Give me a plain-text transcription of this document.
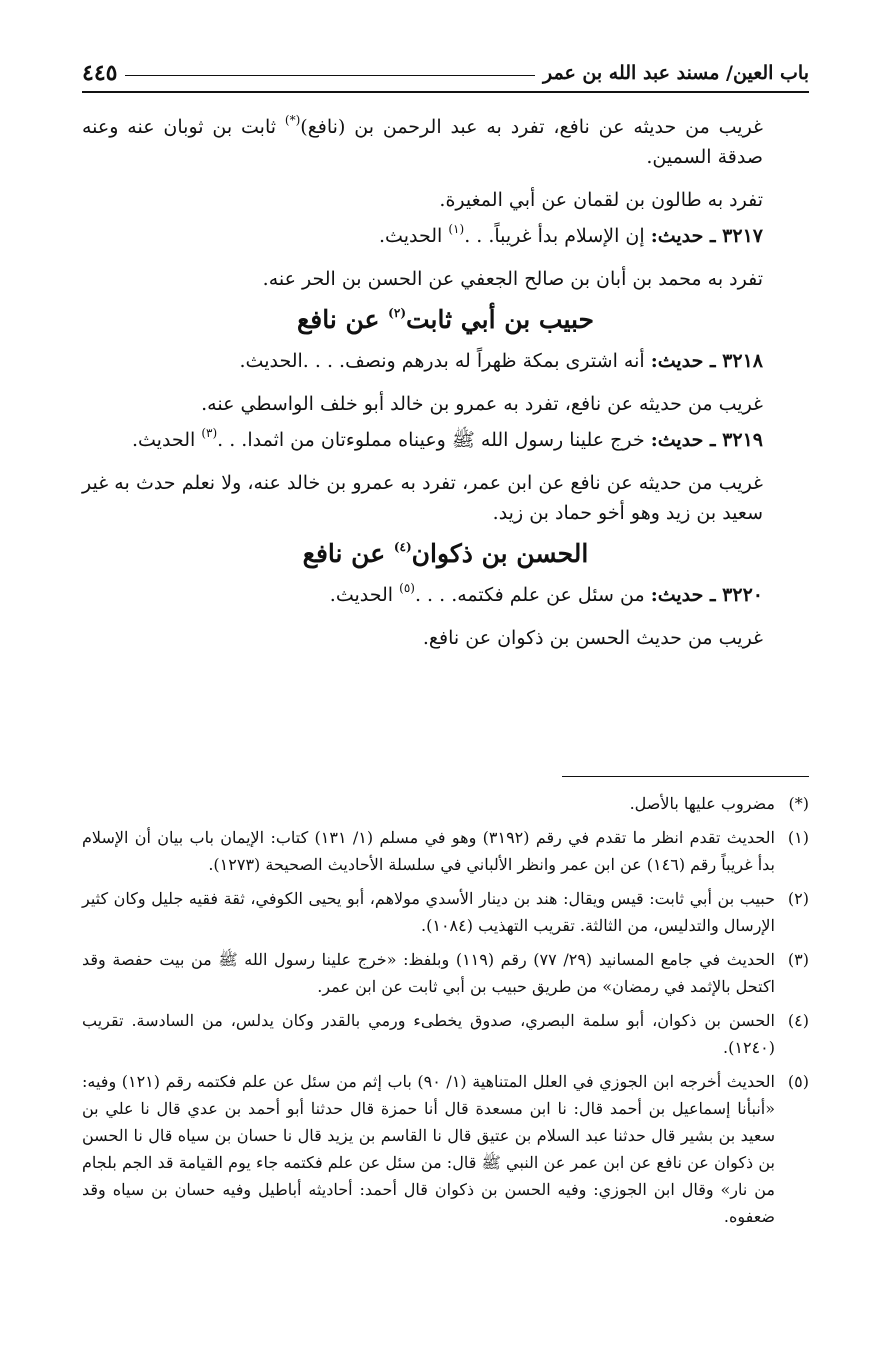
باب العين/ مسند عبد الله بن عمر
٤٤٥

غريب من حديثه عن نافع، تفرد به عبد الرحمن بن (نافع)(*) ثابت بن ثوبان عنه وعنه صدقة السمين.

تفرد به طالون بن لقمان عن أبي المغيرة.

٣٢١٧ ـ حديث: إن الإسلام بدأ غريباً. . .$^{(١)}$ الحديث.

تفرد به محمد بن أبان بن صالح الجعفي عن الحسن بن الحر عنه.

حبيب بن أبي ثابت$^{(٢)}$ عن نافع

٣٢١٨ ـ حديث: أنه اشترى بمكة ظهراً له بدرهم ونصف. . . .الحديث.

غريب من حديثه عن نافع، تفرد به عمرو بن خالد أبو خلف الواسطي عنه.

٣٢١٩ ـ حديث: خرج علينا رسول الله ﷺ وعيناه مملوءتان من اثمدا. . .$^{(٣)}$ الحديث.

غريب من حديثه عن نافع عن ابن عمر، تفرد به عمرو بن خالد عنه، ولا نعلم حدث به غير سعيد بن زيد وهو أخو حماد بن زيد.

الحسن بن ذكوان$^{(٤)}$ عن نافع

٣٢٢٠ ـ حديث: من سئل عن علم فكتمه. . . .$^{(٥)}$ الحديث.

غريب من حديث الحسن بن ذكوان عن نافع.

(*)
مضروب عليها بالأصل.
(١)
الحديث تقدم انظر ما تقدم في رقم (٣١٩٢) وهو في مسلم (١/ ١٣١) كتاب: الإيمان باب بيان أن الإسلام بدأ غريباً رقم (١٤٦) عن ابن عمر وانظر الألباني في سلسلة الأحاديث الصحيحة (١٢٧٣).
(٢)
حبيب بن أبي ثابت: قيس ويقال: هند بن دينار الأسدي مولاهم، أبو يحيى الكوفي، ثقة فقيه جليل وكان كثير الإرسال والتدليس، من الثالثة. تقريب التهذيب (١٠٨٤).
(٣)
الحديث في جامع المسانيد (٢٩/ ٧٧) رقم (١١٩) وبلفظ: «خرج علينا رسول الله ﷺ من بيت حفصة وقد اكتحل بالإثمد في رمضان» من طريق حبيب بن أبي ثابت عن ابن عمر.
(٤)
الحسن بن ذكوان، أبو سلمة البصري، صدوق يخطىء ورمي بالقدر وكان يدلس، من السادسة. تقريب (١٢٤٠).
(٥)
الحديث أخرجه ابن الجوزي في العلل المتناهية (١/ ٩٠) باب إثم من سئل عن علم فكتمه رقم (١٢١) وفيه: «أنبأنا إسماعيل بن أحمد قال: نا ابن مسعدة قال أنا حمزة قال حدثنا أبو أحمد بن عدي قال نا علي بن سعيد بن بشير قال حدثنا عبد السلام بن عتيق قال نا القاسم بن يزيد قال نا حسان بن سياه قال نا الحسن بن ذكوان عن نافع عن ابن عمر عن النبي ﷺ قال: من سئل عن علم فكتمه جاء يوم القيامة قد الجم بلجام من نار» وقال ابن الجوزي: وفيه الحسن بن ذكوان قال أحمد: أحاديثه أباطيل وفيه حسان بن سياه وقد ضعفوه.
